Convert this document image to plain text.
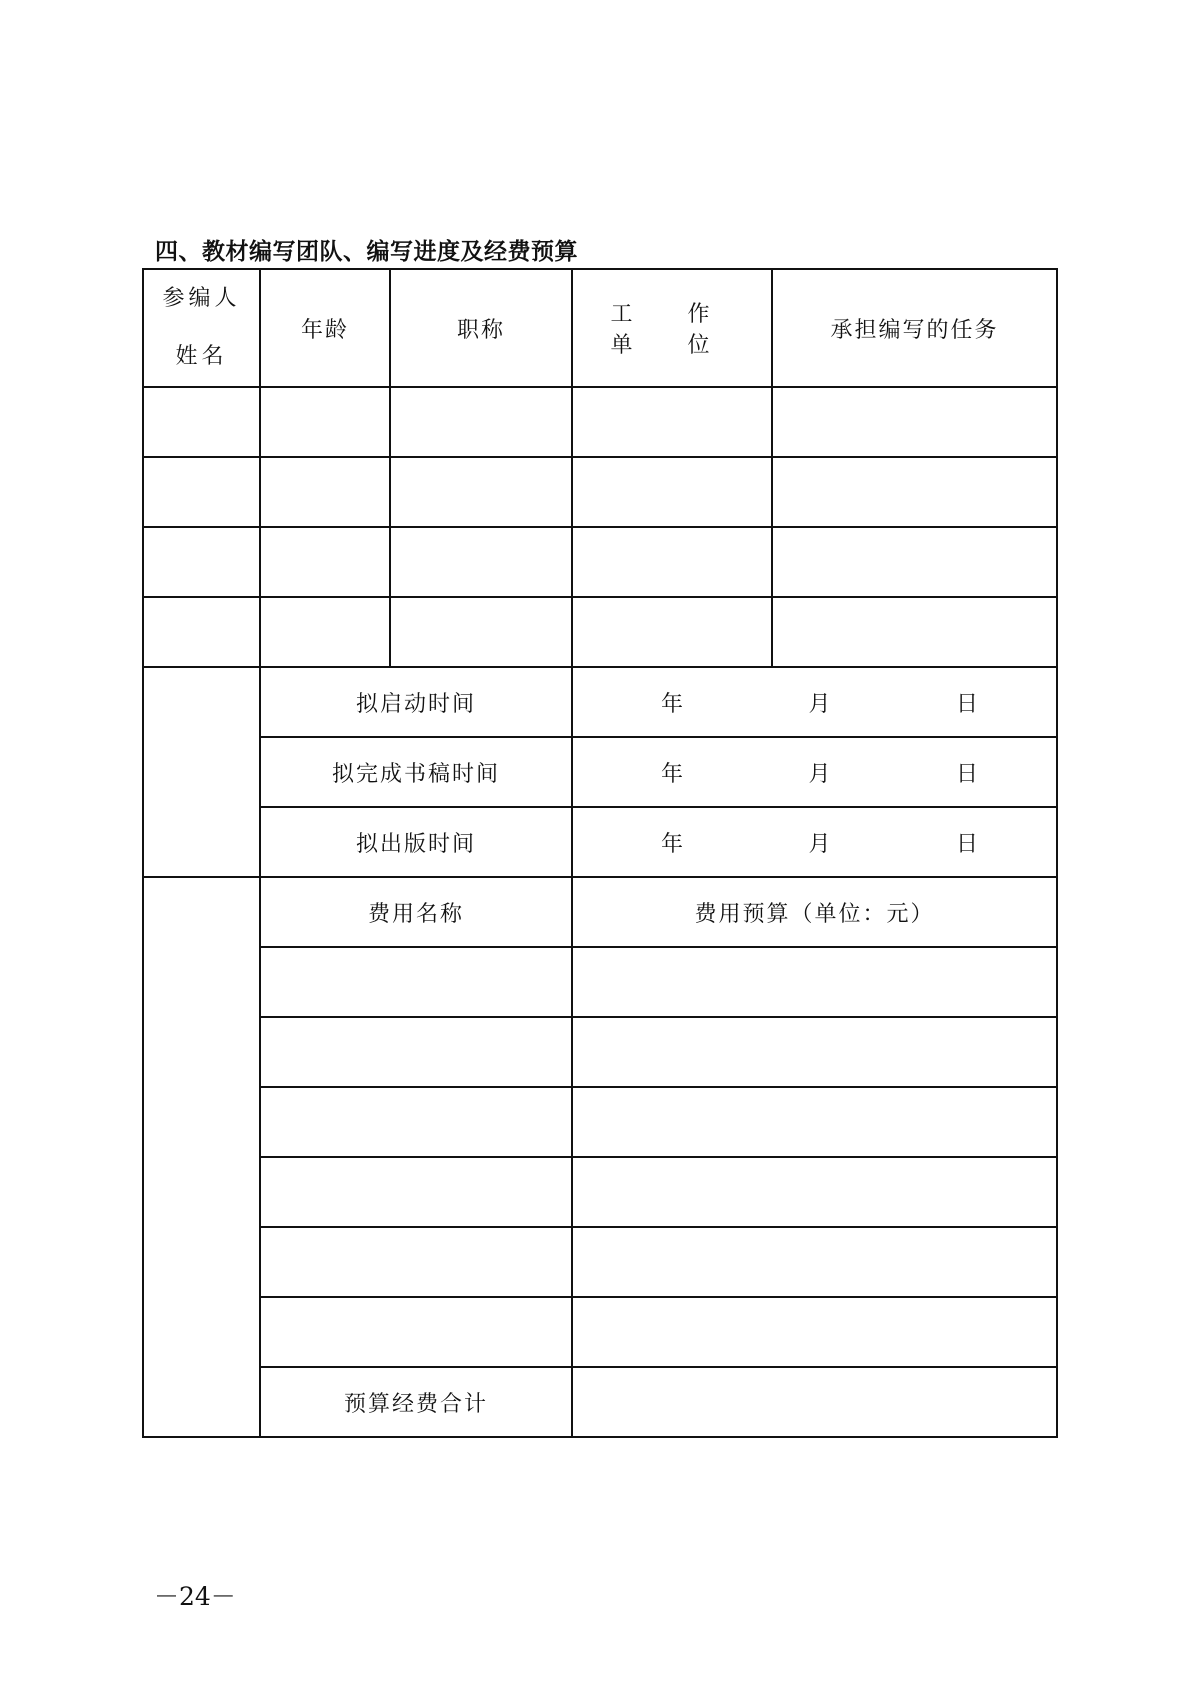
四、教材编写团队、编写进度及经费预算
参编人
姓名	年龄	职称	工 作 单 位	承担编写的任务

	拟启动时间		年 月 日	

	拟完成书稿时间		年 月 日	

	拟出版时间		年 月 日	

	费用名称		费用预算（单位：元）	

	预算经费合计			
－24－
